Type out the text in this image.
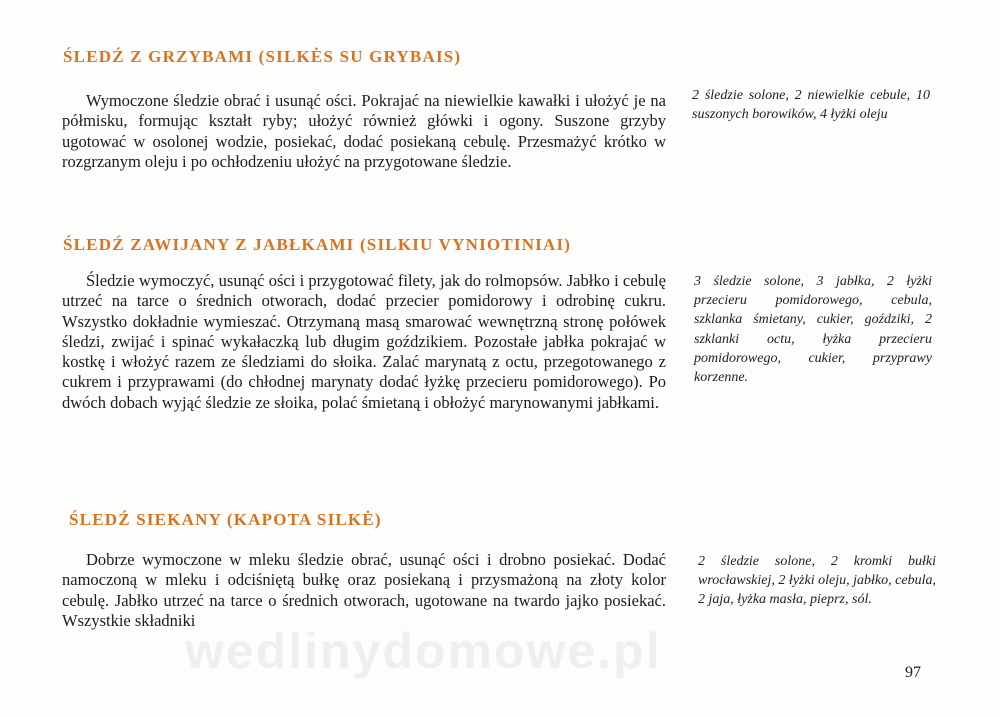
ŚLEDŹ Z GRZYBAMI (SILKĖS SU GRYBAIS)

Wymoczone śledzie obrać i usunąć ości. Pokrajać na niewielkie kawałki i ułożyć je na półmisku, formując kształt ryby; ułożyć również główki i ogony. Suszone grzyby ugotować w osolonej wodzie, posiekać, dodać posiekaną cebulę. Przesmażyć krótko w rozgrzanym oleju i po ochłodzeniu ułożyć na przygotowane śledzie.

2 śledzie solone, 2 niewielkie cebule, 10 suszonych borowików, 4 łyżki oleju

ŚLEDŹ ZAWIJANY Z JABŁKAMI (SILKIU VYNIOTINIAI)

Śledzie wymoczyć, usunąć ości i przygotować filety, jak do rolmopsów. Jabłko i cebulę utrzeć na tarce o średnich otworach, dodać przecier pomidorowy i odrobinę cukru. Wszystko dokładnie wymieszać. Otrzymaną masą smarować wewnętrzną stronę połówek śledzi, zwijać i spinać wykałaczką lub długim goździkiem. Pozostałe jabłka pokrajać w kostkę i włożyć razem ze śledziami do słoika. Zalać marynatą z octu, przegotowanego z cukrem i przyprawami (do chłodnej marynaty dodać łyżkę przecieru pomidorowego). Po dwóch dobach wyjąć śledzie ze słoika, polać śmietaną i obłożyć marynowanymi jabłkami.

3 śledzie solone, 3 jabłka, 2 łyżki przecieru pomidorowego, cebula, szklanka śmietany, cukier, goździki, 2 szklanki octu, łyżka przecieru pomidorowego, cukier, przyprawy korzenne.

ŚLEDŹ SIEKANY (KAPOTA SILKĖ)

Dobrze wymoczone w mleku śledzie obrać, usunąć ości i drobno posiekać. Dodać namoczoną w mleku i odciśniętą bułkę oraz posiekaną i przysmażoną na złoty kolor cebulę. Jabłko utrzeć na tarce o średnich otworach, ugotowane na twardo jajko posiekać. Wszystkie składniki

2 śledzie solone, 2 kromki bułki wrocławskiej, 2 łyżki oleju, jabłko, cebula, 2 jaja, łyżka masła, pieprz, sól.

wedlinydomowe.pl	97
